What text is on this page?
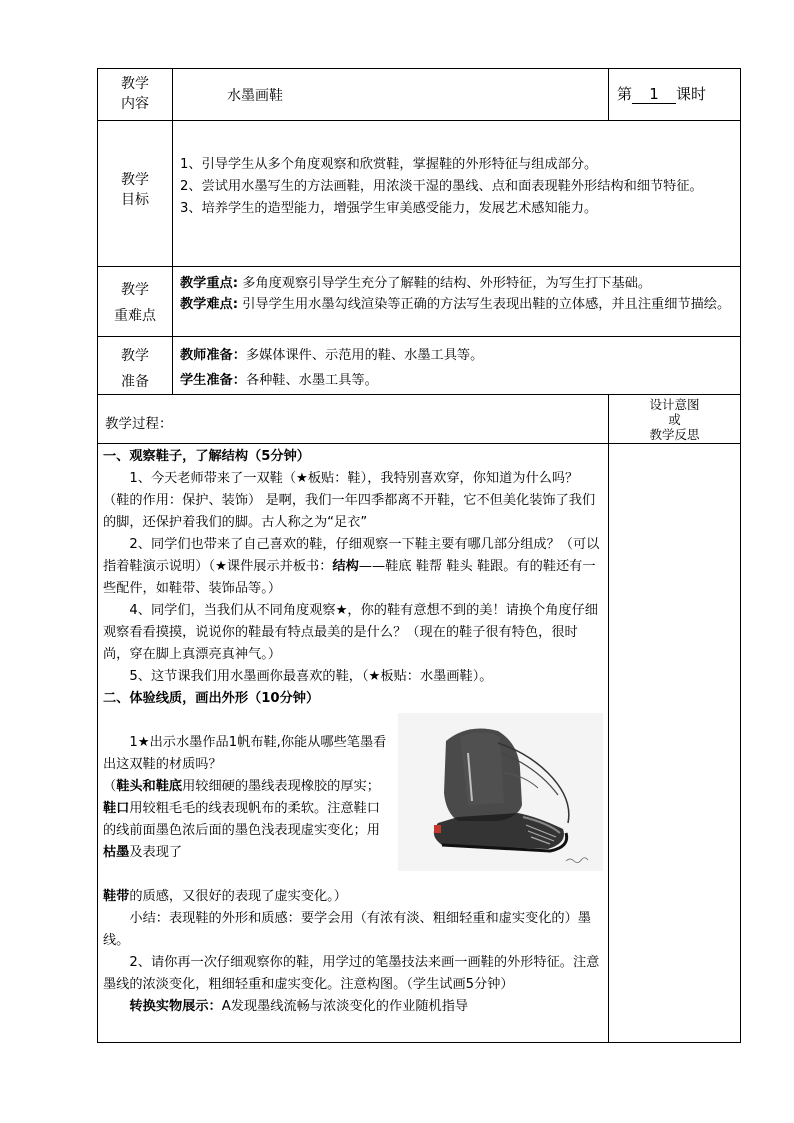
教学内容	水墨画鞋	第 1 课时
教学目标

1、引导学生从多个角度观察和欣赏鞋，掌握鞋的外形特征与组成部分。

2、尝试用水墨写生的方法画鞋，用浓淡干湿的墨线、点和面表现鞋外形结构和细节特征。

3、培养学生的造型能力，增强学生审美感受能力，发展艺术感知能力。

教学
重难点

教学重点: 多角度观察引导学生充分了解鞋的结构、外形特征，为写生打下基础。

教学难点: 引导学生用水墨勾线渲染等正确的方法写生表现出鞋的立体感，并且注重细节描绘。

教学
准备

教师准备：多媒体课件、示范用的鞋、水墨工具等。

学生准备：各种鞋、水墨工具等。

教学过程：
设计意图
或
教学反思

一、观察鞋子，了解结构（5分钟）

1、今天老师带来了一双鞋（★板贴：鞋），我特别喜欢穿，你知道为什么吗？（鞋的作用：保护、装饰） 是啊，我们一年四季都离不开鞋，它不但美化装饰了我们的脚，还保护着我们的脚。古人称之为“足衣”

2、同学们也带来了自己喜欢的鞋，仔细观察一下鞋主要有哪几部分组成？（可以指着鞋演示说明）（★课件展示并板书：结构——鞋底 鞋帮 鞋头 鞋跟。有的鞋还有一些配件，如鞋带、装饰品等。）

4、同学们，当我们从不同角度观察★，你的鞋有意想不到的美！请换个角度仔细观察看看摸摸，说说你的鞋最有特点最美的是什么？（现在的鞋子很有特色，很时尚，穿在脚上真漂亮真神气。）

5、这节课我们用水墨画你最喜欢的鞋，（★板贴：水墨画鞋）。

二、体验线质，画出外形（10分钟）

1★出示水墨作品1帆布鞋,你能从哪些笔墨看出这双鞋的材质吗？

（鞋头和鞋底用较细硬的墨线表现橡胶的厚实；鞋口用较粗毛毛的线表现帆布的柔软。注意鞋口的线前面墨色浓后面的墨色浅表现虚实变化；用枯墨及表现了

鞋带的质感，又很好的表现了虚实变化。）

小结：表现鞋的外形和质感：要学会用（有浓有淡、粗细轻重和虚实变化的）墨线。

2、请你再一次仔细观察你的鞋，用学过的笔墨技法来画一画鞋的外形特征。注意墨线的浓淡变化，粗细轻重和虚实变化。注意构图。（学生试画5分钟）

转换实物展示：A发现墨线流畅与浓淡变化的作业随机指导
